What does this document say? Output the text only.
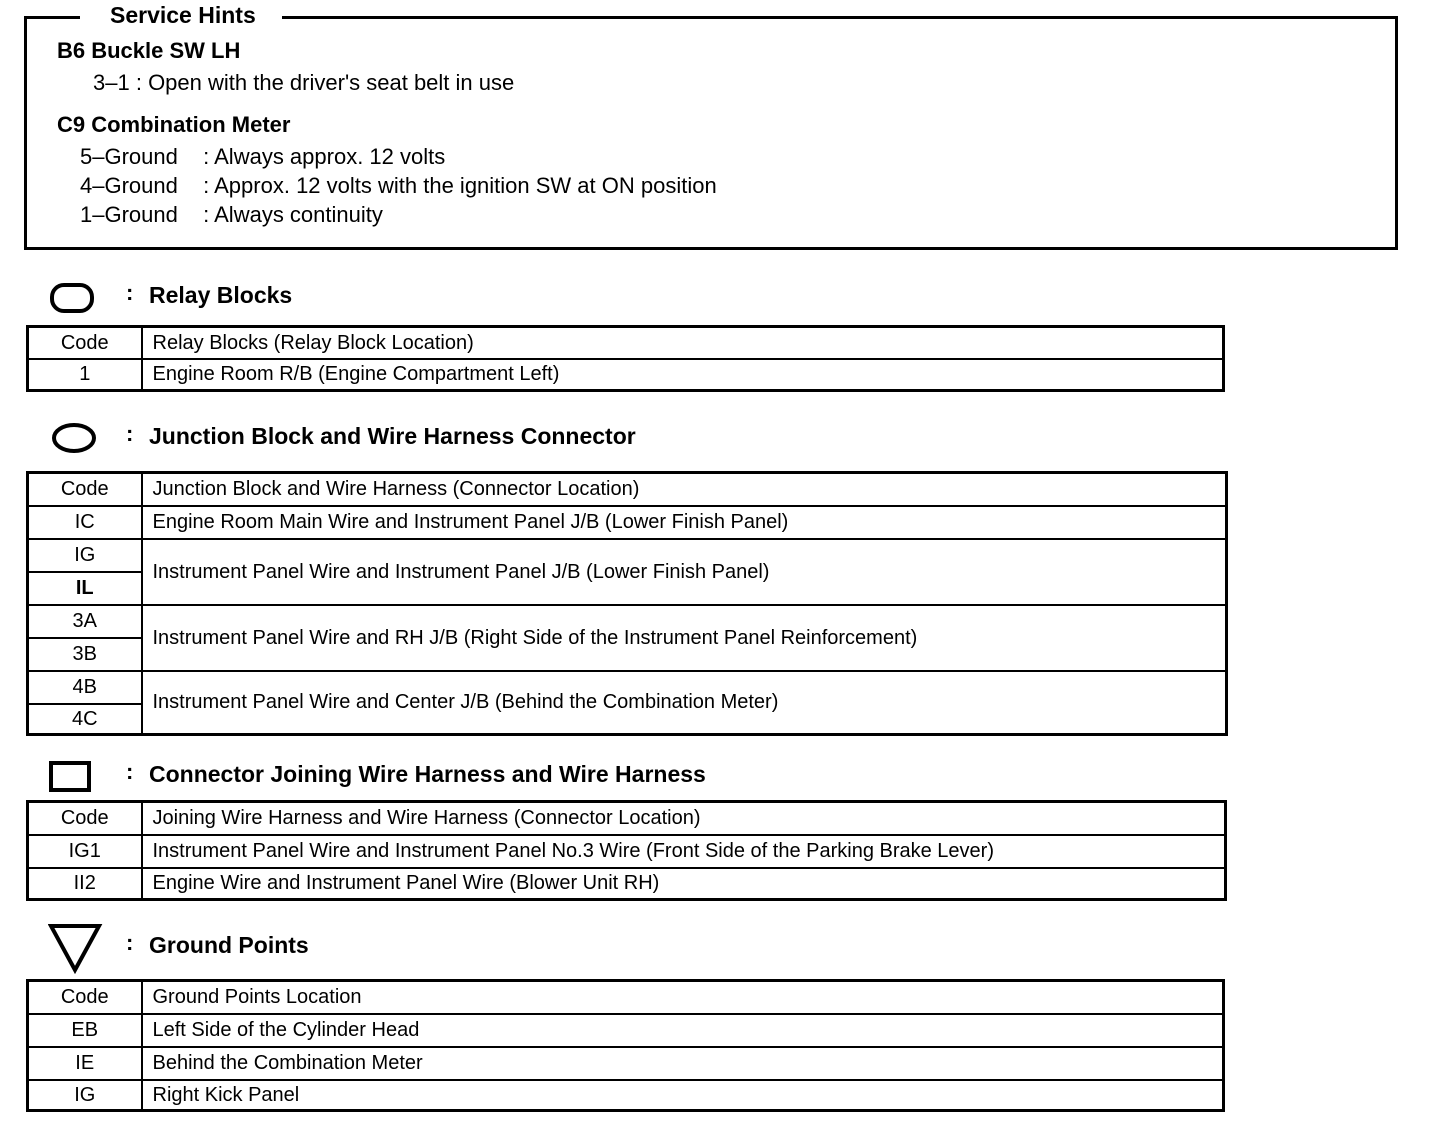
Service Hints
B6 Buckle SW LH
3–1 : Open with the driver's seat belt in use
C9 Combination Meter
5–Ground : Always approx. 12 volts
4–Ground : Approx. 12 volts with the ignition SW at ON position
1–Ground : Always continuity
: Relay Blocks
Code	Relay Blocks (Relay Block Location)
1	Engine Room R/B (Engine Compartment Left)
: Junction Block and Wire Harness Connector
Code	Junction Block and Wire Harness (Connector Location)
IC	Engine Room Main Wire and Instrument Panel J/B (Lower Finish Panel)
IG	Instrument Panel Wire and Instrument Panel J/B (Lower Finish Panel)
IL	
3A	Instrument Panel Wire and RH J/B (Right Side of the Instrument Panel Reinforcement)
3B	
4B	Instrument Panel Wire and Center J/B (Behind the Combination Meter)
4C	
: Connector Joining Wire Harness and Wire Harness
Code	Joining Wire Harness and Wire Harness (Connector Location)
IG1	Instrument Panel Wire and Instrument Panel No.3 Wire (Front Side of the Parking Brake Lever)
II2	Engine Wire and Instrument Panel Wire (Blower Unit RH)
: Ground Points
Code	Ground Points Location
EB	Left Side of the Cylinder Head
IE	Behind the Combination Meter
IG	Right Kick Panel
